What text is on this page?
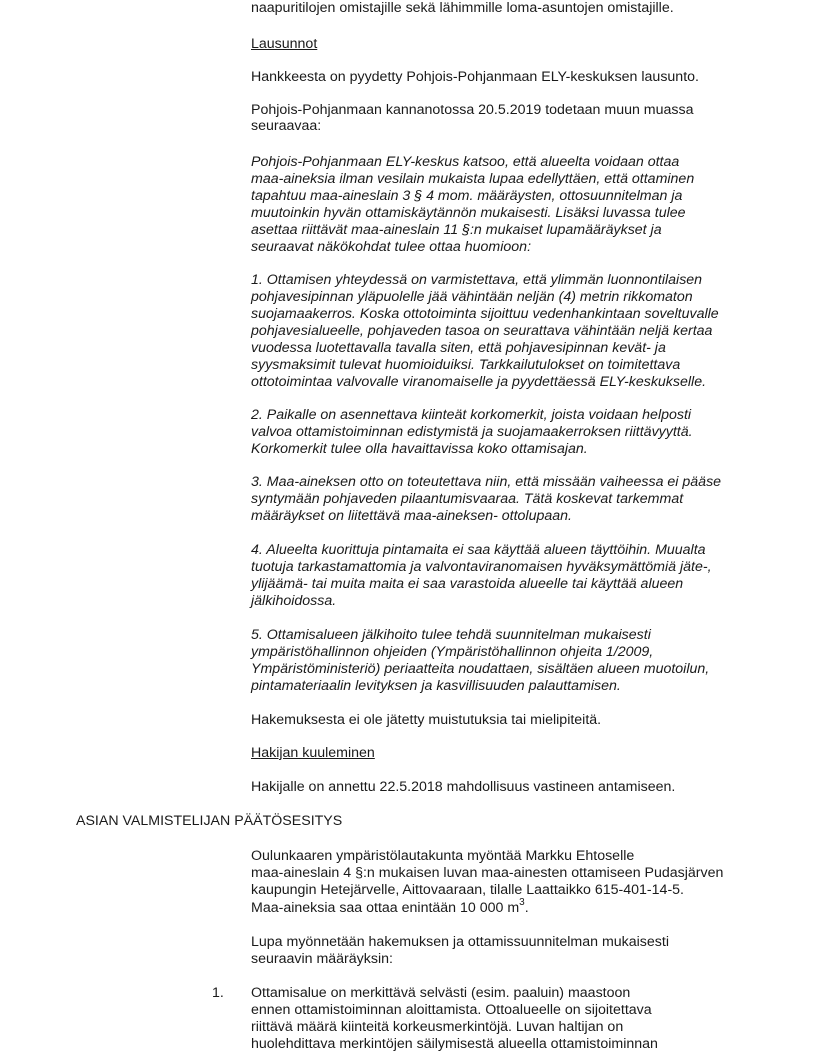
naapuritilojen omistajille sekä lähimmille loma-asuntojen omistajille.
Lausunnot
Hankkeesta on pyydetty Pohjois-Pohjanmaan ELY-keskuksen lausunto.
Pohjois-Pohjanmaan kannanotossa 20.5.2019 todetaan muun muassa
seuraavaa:
Pohjois-Pohjanmaan ELY-keskus katsoo, että alueelta voidaan ottaa
maa-aineksia ilman vesilain mukaista lupaa edellyttäen, että ottaminen
tapahtuu maa-aineslain 3 § 4 mom. määräysten, ottosuunnitelman ja
muutoinkin hyvän ottamiskäytännön mukaisesti. Lisäksi luvassa tulee
asettaa riittävät maa-aineslain 11 §:n mukaiset lupamääräykset ja
seuraavat näkökohdat tulee ottaa huomioon:
1. Ottamisen yhteydessä on varmistettava, että ylimmän luonnontilaisen
pohjavesipinnan yläpuolelle jää vähintään neljän (4) metrin rikkomaton
suojamaakerros. Koska ottotoiminta sijoittuu vedenhankintaan soveltuvalle
pohjavesialueelle, pohjaveden tasoa on seurattava vähintään neljä kertaa
vuodessa luotettavalla tavalla siten, että pohjavesipinnan kevät- ja
syysmaksimit tulevat huomioiduiksi. Tarkkailutulokset on toimitettava
ottotoimintaa valvovalle viranomaiselle ja pyydettäessä ELY-keskukselle.
2. Paikalle on asennettava kiinteät korkomerkit, joista voidaan helposti
valvoa ottamistoiminnan edistymistä ja suojamaakerroksen riittävyyttä.
Korkomerkit tulee olla havaittavissa koko ottamisajan.
3. Maa-aineksen otto on toteutettava niin, että missään vaiheessa ei pääse
syntymään pohjaveden pilaantumisvaaraa. Tätä koskevat tarkemmat
määräykset on liitettävä maa-aineksen- ottolupaan.
4. Alueelta kuorittuja pintamaita ei saa käyttää alueen täyttöihin. Muualta
tuotuja tarkastamattomia ja valvontaviranomaisen hyväksymättömiä jäte-,
ylijäämä- tai muita maita ei saa varastoida alueelle tai käyttää alueen
jälkihoidossa.
5. Ottamisalueen jälkihoito tulee tehdä suunnitelman mukaisesti
ympäristöhallinnon ohjeiden (Ympäristöhallinnon ohjeita 1/2009,
Ympäristöministeriö) periaatteita noudattaen, sisältäen alueen muotoilun,
pintamateriaalin levityksen ja kasvillisuuden palauttamisen.
Hakemuksesta ei ole jätetty muistutuksia tai mielipiteitä.
Hakijan kuuleminen
Hakijalle on annettu 22.5.2018 mahdollisuus vastineen antamiseen.
ASIAN VALMISTELIJAN PÄÄTÖSESITYS
Oulunkaaren ympäristölautakunta myöntää Markku Ehtoselle
maa-aineslain 4 §:n mukaisen luvan maa-ainesten ottamiseen Pudasjärven
kaupungin Hetejärvelle, Aittovaaraan, tilalle Laattaikko 615-401-14-5.
Maa-aineksia saa ottaa enintään 10 000 $m^3$.
Lupa myönnetään hakemuksen ja ottamissuunnitelman mukaisesti
seuraavin määräyksin:
1. Ottamisalue on merkittävä selvästi (esim. paaluin) maastoon
ennen ottamistoiminnan aloittamista. Ottoalueelle on sijoitettava
riittävä määrä kiinteitä korkeusmerkintöjä. Luvan haltijan on
huolehdittava merkintöjen säilymisestä alueella ottamistoiminnan
